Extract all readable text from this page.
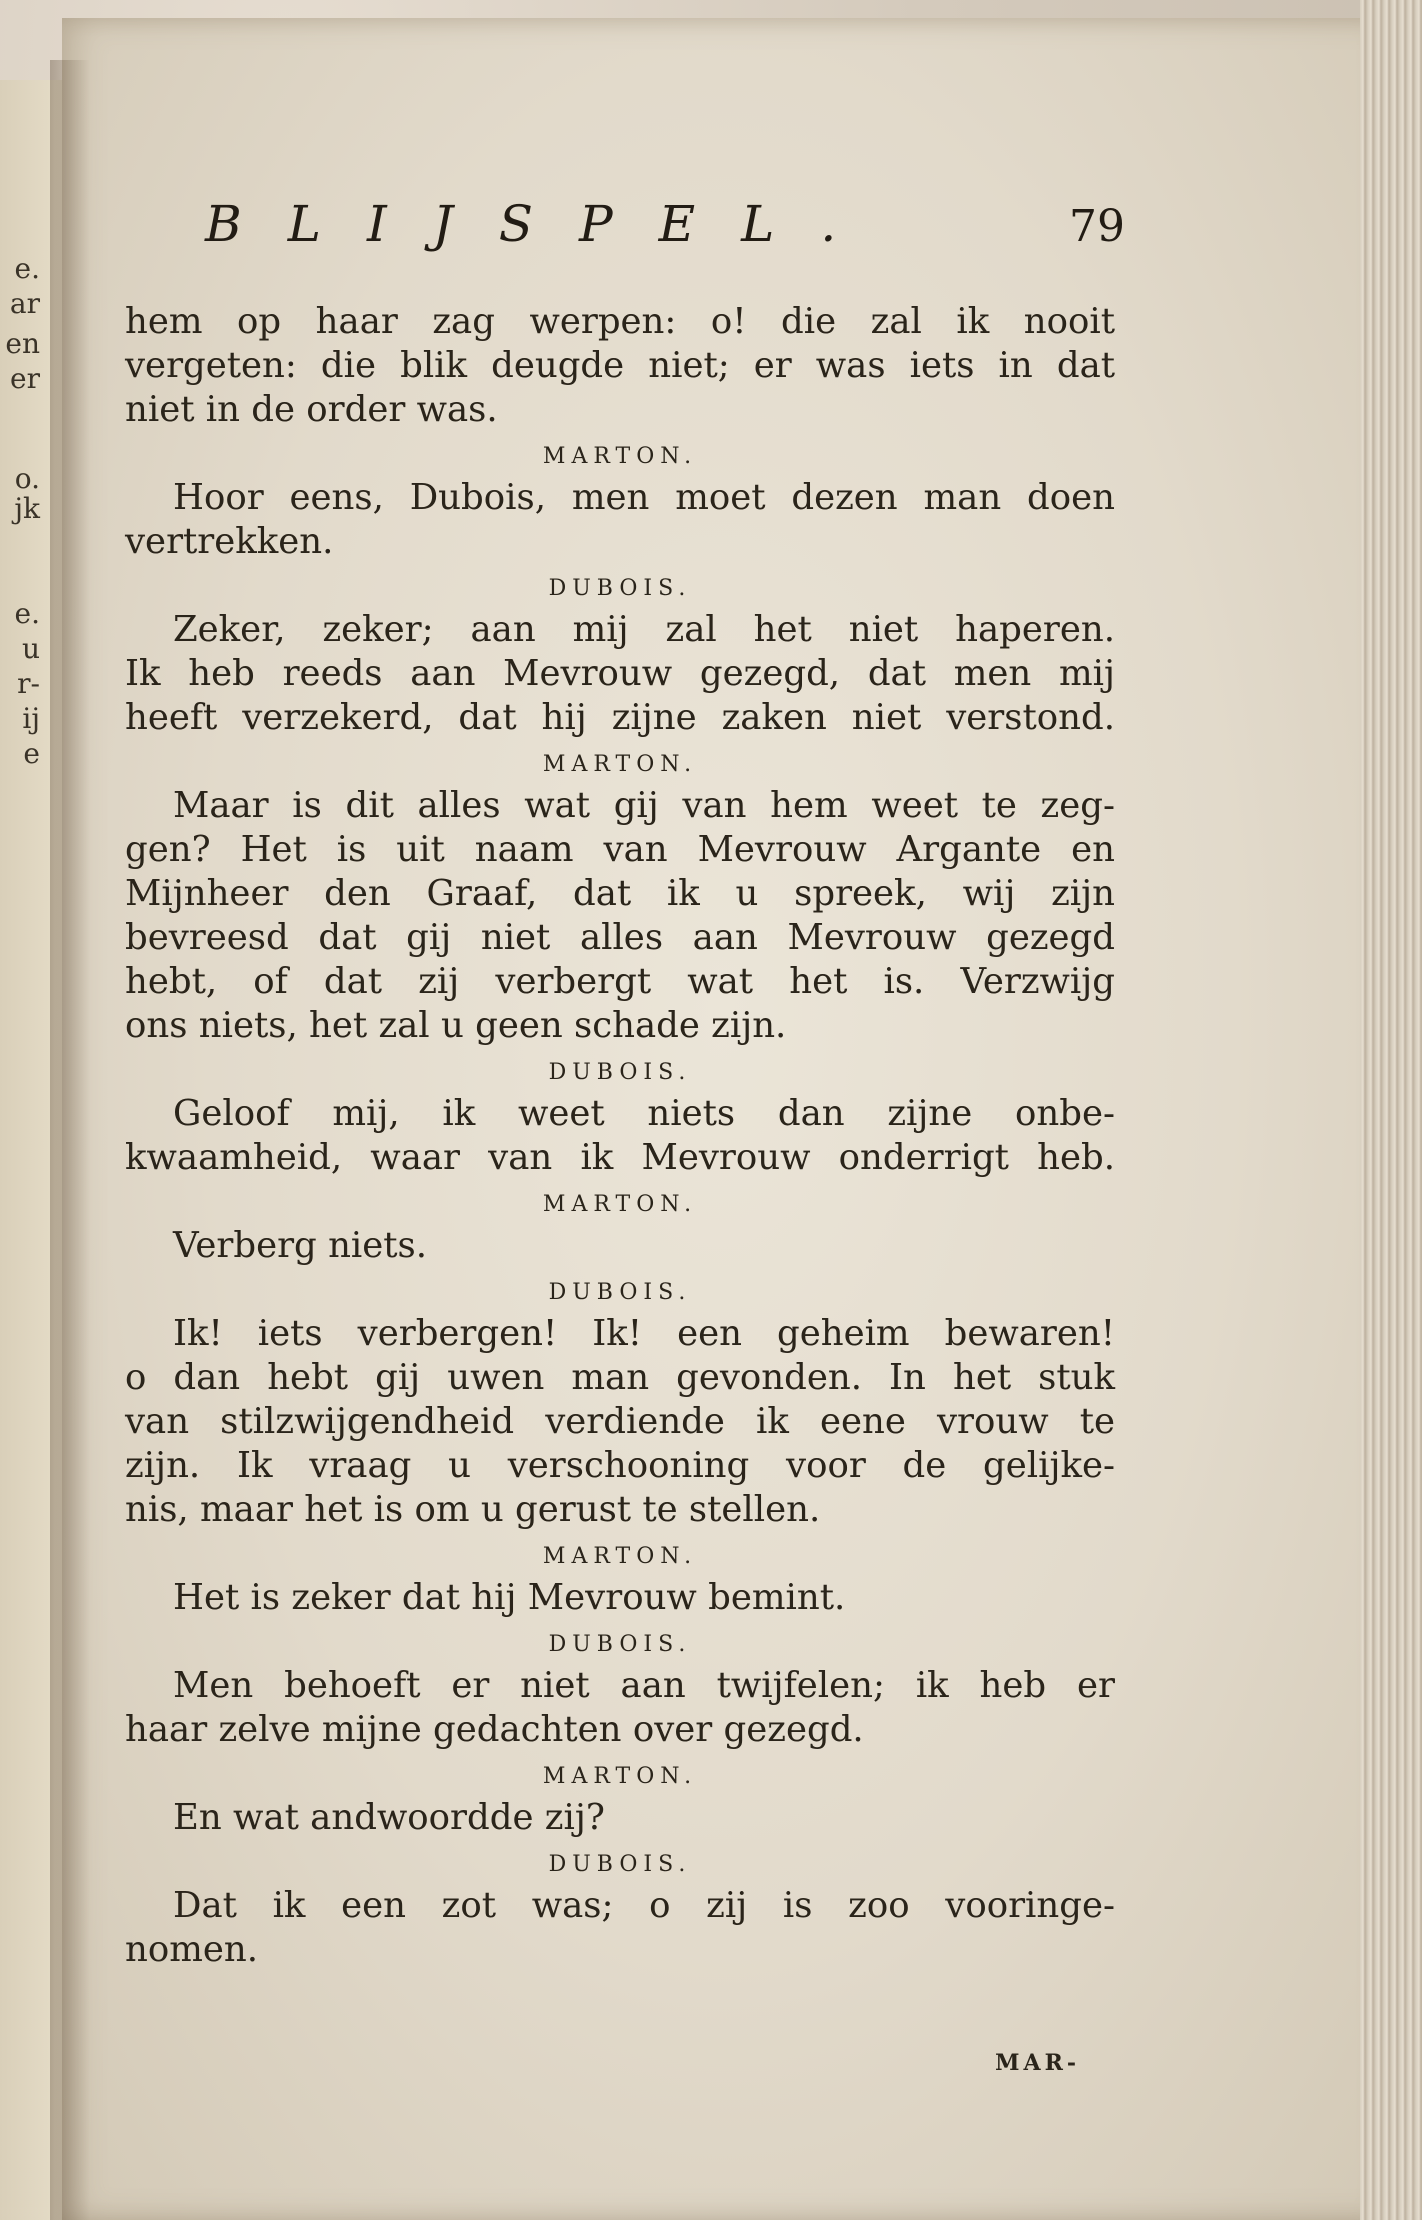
e.
ar
en
er
o.
jk
e.
u
r-
ij
e
BLIJSPEL.	79
hem op haar zag werpen: o! die zal ik nooit
vergeten: die blik deugde niet; er was iets in dat
niet in de order was.
MARTON.
Hoor eens, Dubois, men moet dezen man doen
vertrekken.
DUBOIS.
Zeker, zeker; aan mij zal het niet haperen.
Ik heb reeds aan Mevrouw gezegd, dat men mij
heeft verzekerd, dat hij zijne zaken niet verstond.
MARTON.
Maar is dit alles wat gij van hem weet te zeg-
gen? Het is uit naam van Mevrouw Argante en
Mijnheer den Graaf, dat ik u spreek, wij zijn
bevreesd dat gij niet alles aan Mevrouw gezegd
hebt, of dat zij verbergt wat het is. Verzwijg
ons niets, het zal u geen schade zijn.
DUBOIS.
Geloof mij, ik weet niets dan zijne onbe-
kwaamheid, waar van ik Mevrouw onderrigt heb.
MARTON.
Verberg niets.
DUBOIS.
Ik! iets verbergen! Ik! een geheim bewaren!
o dan hebt gij uwen man gevonden. In het stuk
van stilzwijgendheid verdiende ik eene vrouw te
zijn. Ik vraag u verschooning voor de gelijke-
nis, maar het is om u gerust te stellen.
MARTON.
Het is zeker dat hij Mevrouw bemint.
DUBOIS.
Men behoeft er niet aan twijfelen; ik heb er
haar zelve mijne gedachten over gezegd.
MARTON.
En wat andwoordde zij?
DUBOIS.
Dat ik een zot was; o zij is zoo vooringe-
nomen.
MAR-
